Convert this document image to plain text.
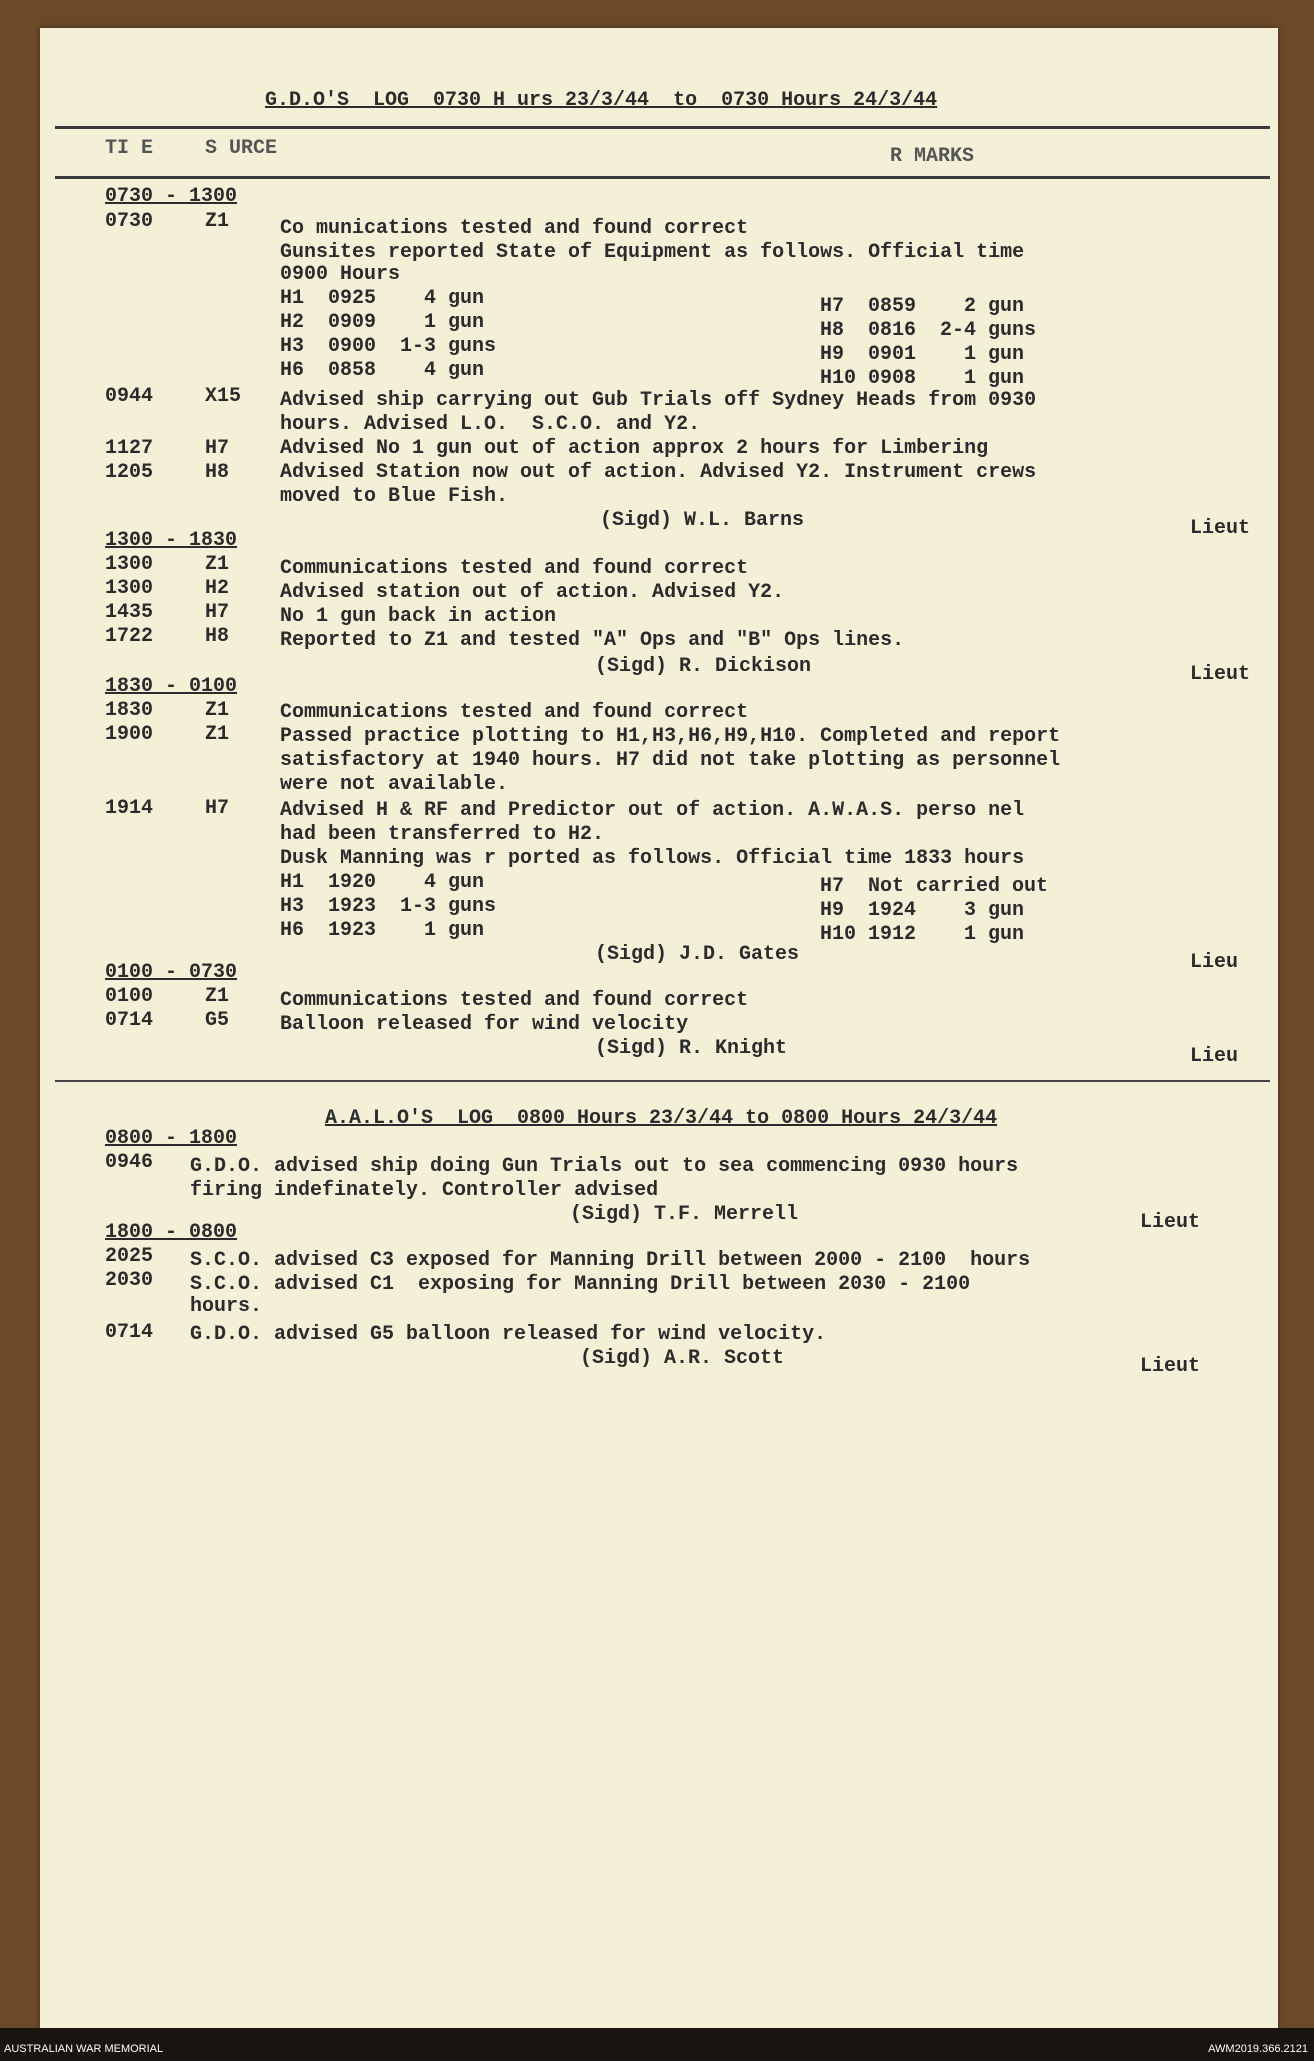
G.D.O'S  LOG  0730 H urs 23/3/44  to  0730 Hours 24/3/44
TI E	S URCE	R MARKS
0730 - 1300
0730	Z1	Co munications tested and found correct
Gunsites reported State of Equipment as follows. Official time
0900 Hours
H1  0925    4 gun
H2  0909    1 gun
H3  0900  1-3 guns
H6  0858    4 gun
H7  0859    2 gun
H8  0816  2-4 guns
H9  0901    1 gun
H10 0908    1 gun
0944	X15 Advised ship carrying out Gub Trials off Sydney Heads from 0930
hours. Advised L.O.  S.C.O. and Y2.
1127	H7	Advised No 1 gun out of action approx 2 hours for Limbering
1205	H8	Advised Station now out of action. Advised Y2. Instrument crews
moved to Blue Fish.
(Sigd) W.L. Barns	Lieut
1300 - 1830
1300	Z1	Communications tested and found correct
1300	H2	Advised station out of action. Advised Y2.
1435	H7	No 1 gun back in action
1722	H8	Reported to Z1 and tested "A" Ops and "B" Ops lines.
(Sigd) R. Dickison	Lieut
1830 - 0100
1830	Z1	Communications tested and found correct
1900	Z1	Passed practice plotting to H1,H3,H6,H9,H10. Completed and report
satisfactory at 1940 hours. H7 did not take plotting as personnel
were not available.
1914	H7	Advised H & RF and Predictor out of action. A.W.A.S. perso nel
had been transferred to H2.
Dusk Manning was r ported as follows. Official time 1833 hours
H1  1920    4 gun
H3  1923  1-3 guns
H6  1923    1 gun
H7  Not carried out
H9  1924    3 gun
H10 1912    1 gun
(Sigd) J.D. Gates	Lieu
0100 - 0730
0100	Z1	Communications tested and found correct
0714	G5	Balloon released for wind velocity
(Sigd) R. Knight	Lieu
A.A.L.O'S  LOG  0800 Hours 23/3/44 to 0800 Hours 24/3/44
0800 - 1800
0946 G.D.O. advised ship doing Gun Trials out to sea commencing 0930 hours
firing indefinately. Controller advised
(Sigd) T.F. Merrell	Lieut
1800 - 0800
2025 S.C.O. advised C3 exposed for Manning Drill between 2000 - 2100  hours
2030 S.C.O. advised C1  exposing for Manning Drill between 2030 - 2100
hours.
0714 G.D.O. advised G5 balloon released for wind velocity.
(Sigd) A.R. Scott	Lieut
AUSTRALIAN WAR MEMORIAL	AWM2019.366.2121
